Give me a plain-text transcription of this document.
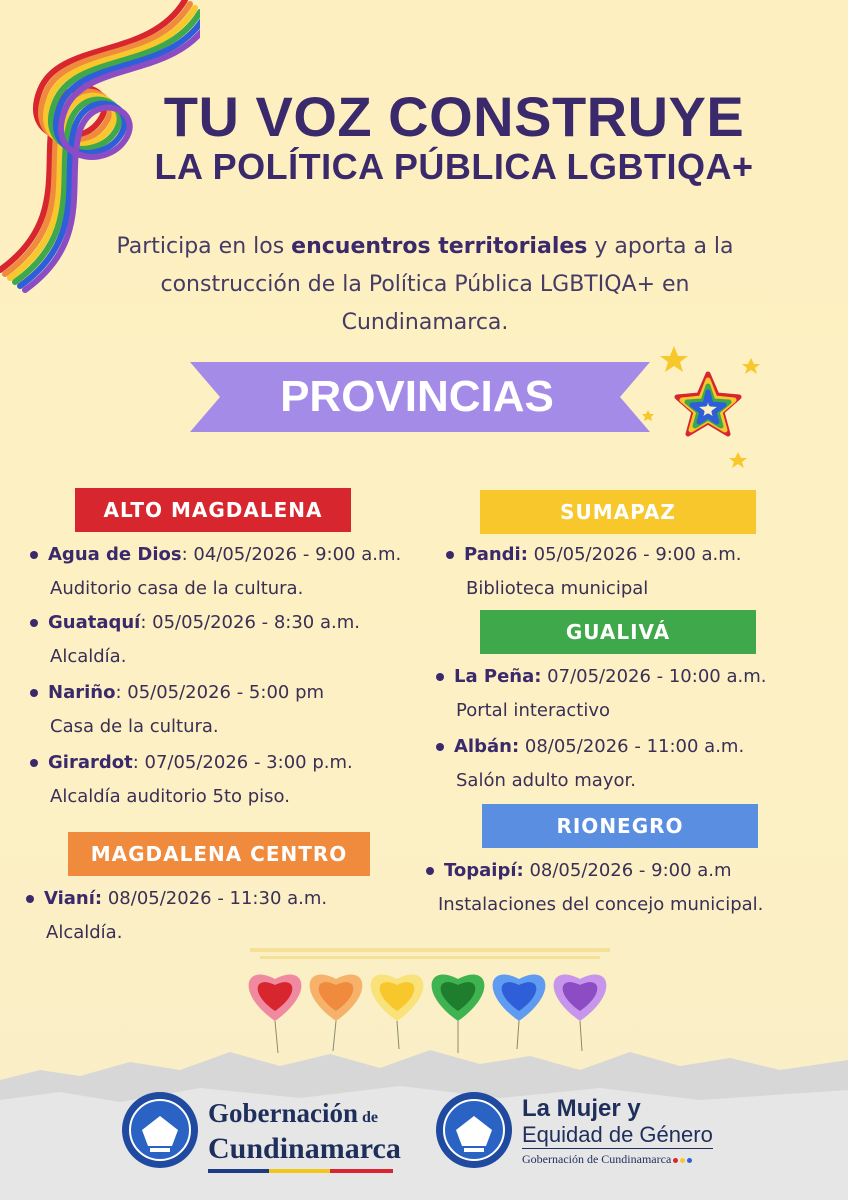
TU VOZ CONSTRUYE
LA POLÍTICA PÚBLICA LGBTIQA+
Participa en los encuentros territoriales y aporta a la construcción de la Política Pública LGBTIQA+ en Cundinamarca.
PROVINCIAS
ALTO MAGDALENA
Agua de Dios: 04/05/2026 - 9:00 a.m.
Auditorio casa de la cultura.
Guataquí: 05/05/2026 - 8:30 a.m.
Alcaldía.
Nariño: 05/05/2026 - 5:00 pm
Casa de la cultura.
Girardot: 07/05/2026 - 3:00 p.m.
Alcaldía auditorio 5to piso.
MAGDALENA CENTRO
Vianí: 08/05/2026 - 11:30 a.m.
Alcaldía.
SUMAPAZ
Pandi: 05/05/2026 - 9:00 a.m.
Biblioteca municipal
GUALIVÁ
La Peña: 07/05/2026 - 10:00 a.m.
Portal interactivo
Albán: 08/05/2026 - 11:00 a.m.
Salón adulto mayor.
RIONEGRO
Topaipí: 08/05/2026 - 9:00 a.m
Instalaciones del concejo municipal.
Gobernación de
Cundinamarca
La Mujer y
Equidad de Género
Gobernación de Cundinamarca
